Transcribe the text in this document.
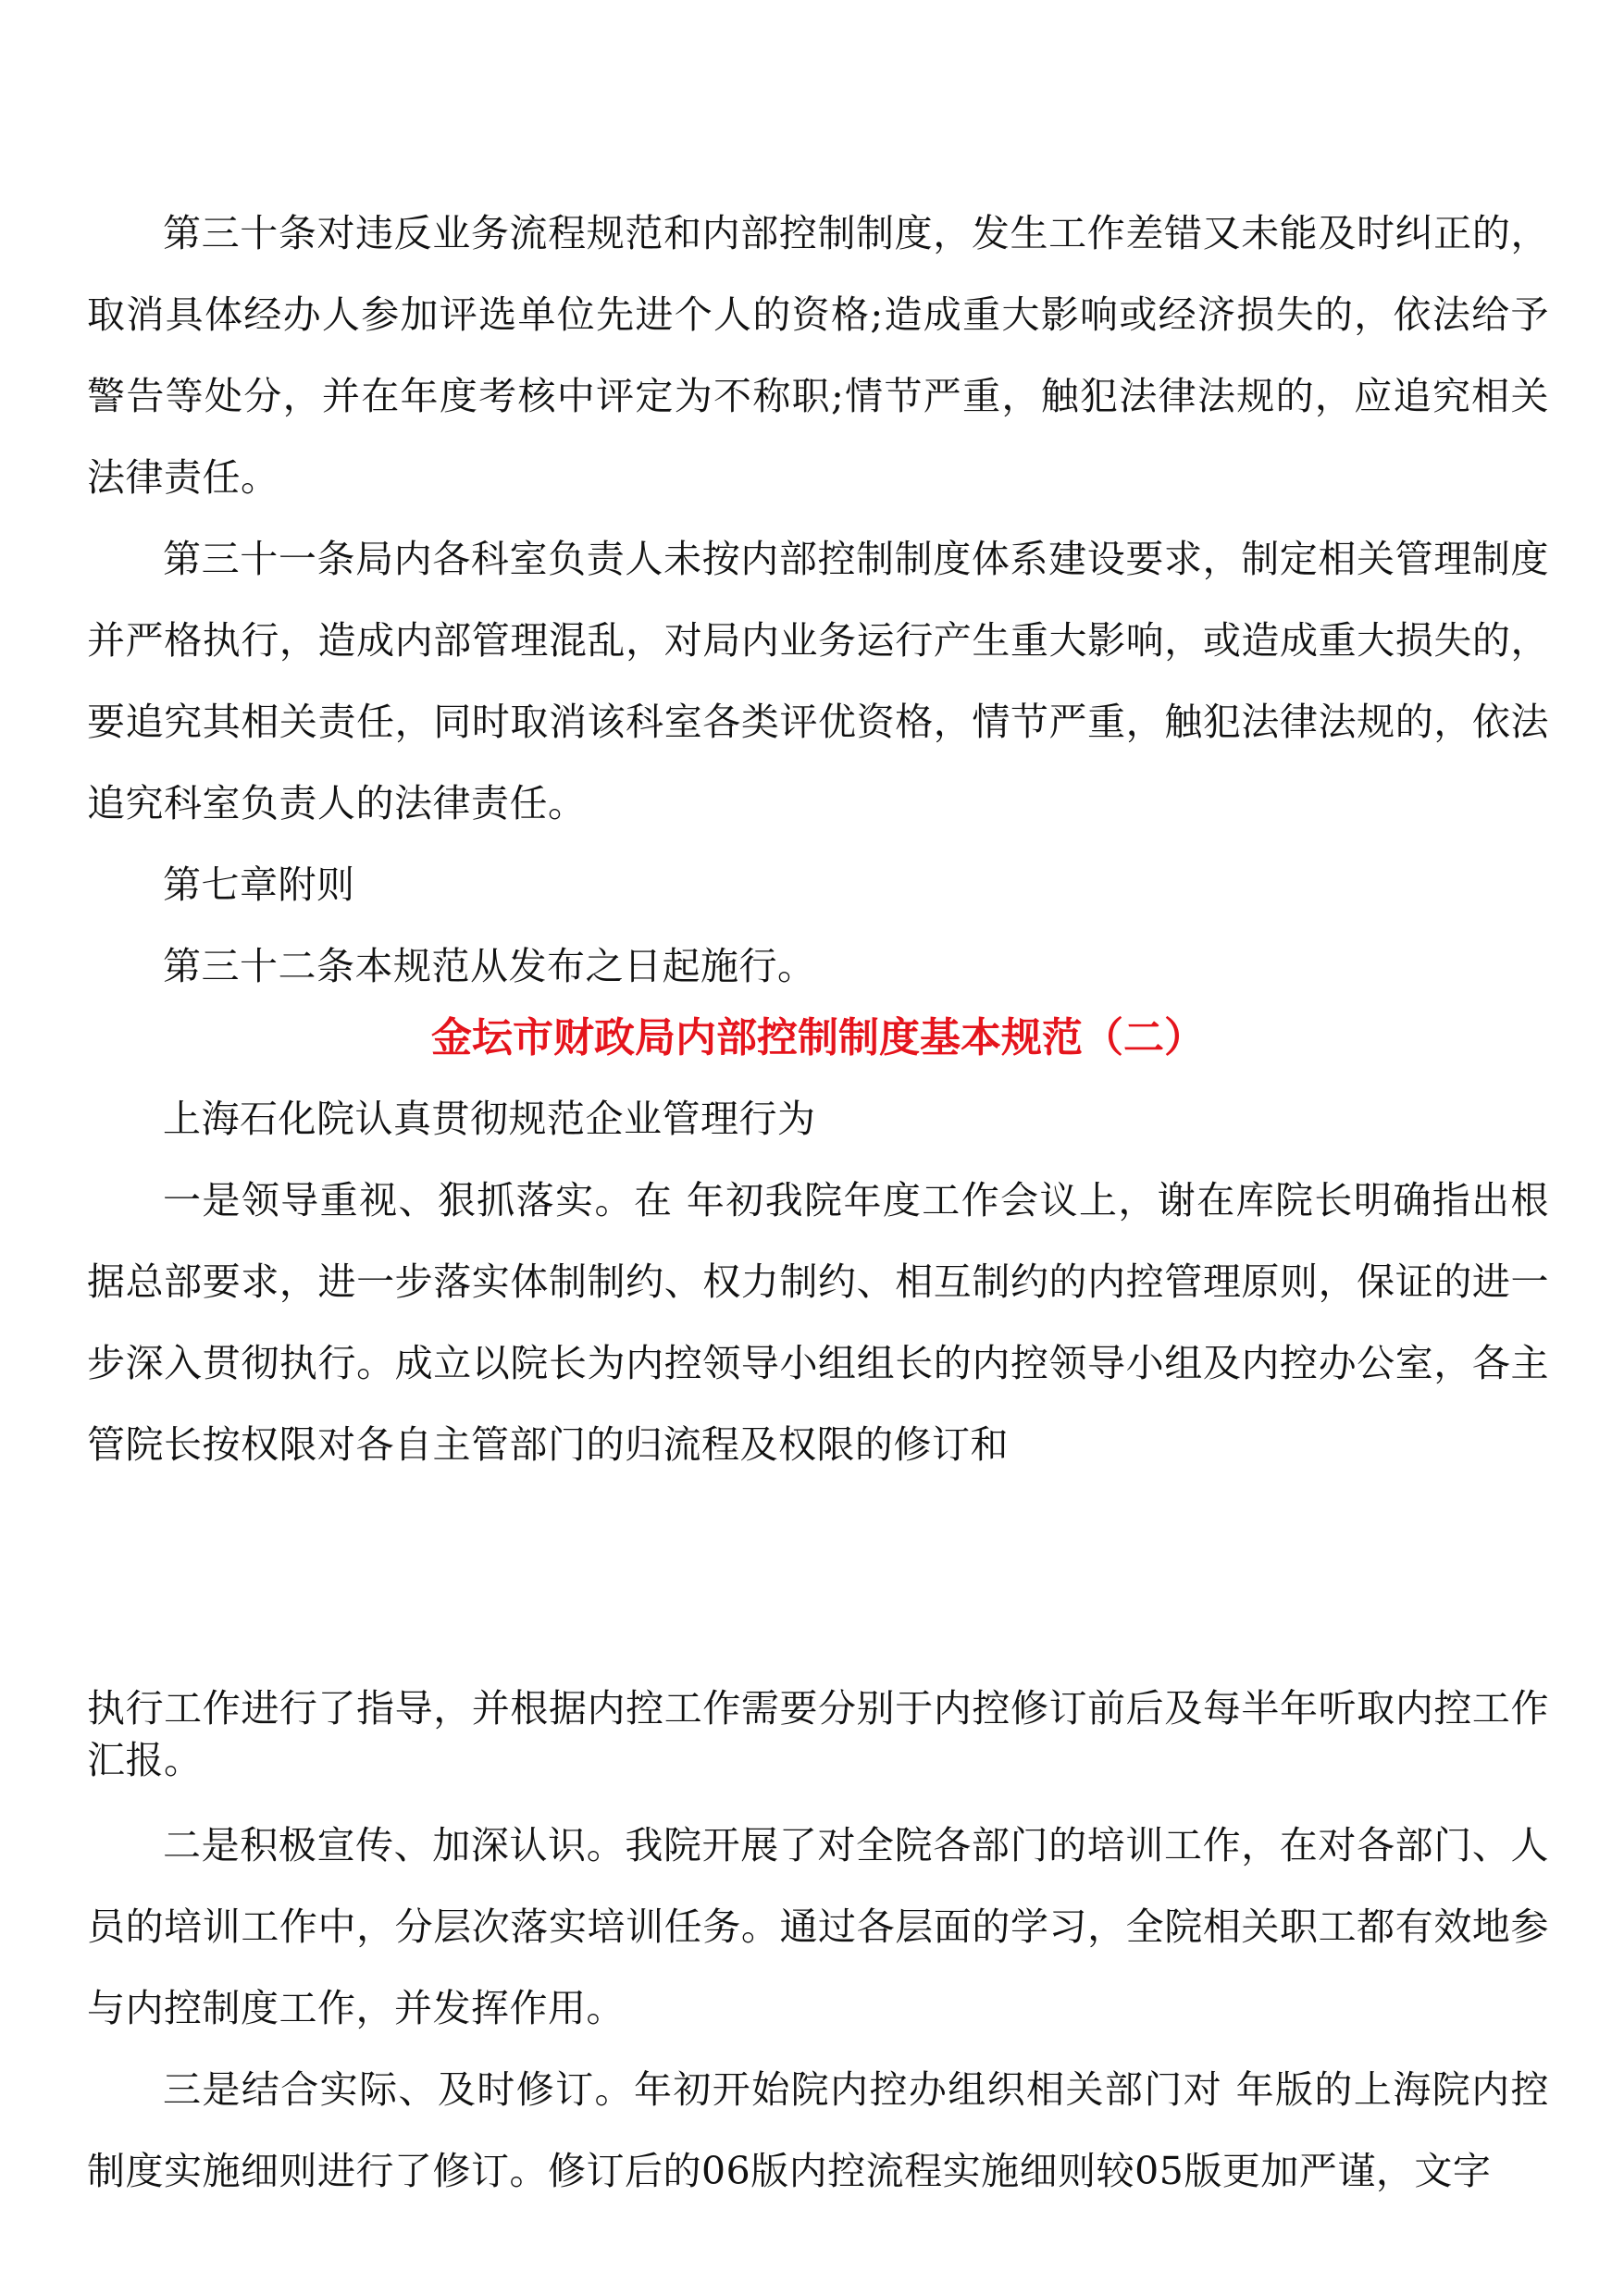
第三十条对违反业务流程规范和内部控制制度，发生工作差错又未能及时纠正的，取消具体经办人参加评选单位先进个人的资格;造成重大影响或经济损失的，依法给予警告等处分，并在年度考核中评定为不称职;情节严重，触犯法律法规的，应追究相关法律责任。

第三十一条局内各科室负责人未按内部控制制度体系建设要求，制定相关管理制度并严格执行，造成内部管理混乱，对局内业务运行产生重大影响，或造成重大损失的，要追究其相关责任，同时取消该科室各类评优资格，情节严重，触犯法律法规的，依法追究科室负责人的法律责任。

第七章附则

第三十二条本规范从发布之日起施行。

金坛市财政局内部控制制度基本规范（二）

上海石化院认真贯彻规范企业管理行为

一是领导重视、狠抓落实。在 年初我院年度工作会议上，谢在库院长明确指出根据总部要求，进一步落实体制制约、权力制约、相互制约的内控管理原则，保证的进一步深入贯彻执行。成立以院长为内控领导小组组长的内控领导小组及内控办公室，各主管院长按权限对各自主管部门的归流程及权限的修订和

执行工作进行了指导，并根据内控工作需要分别于内控修订前后及每半年听取内控工作汇报。

二是积极宣传、加深认识。我院开展了对全院各部门的培训工作，在对各部门、人员的培训工作中，分层次落实培训任务。通过各层面的学习，全院相关职工都有效地参与内控制度工作，并发挥作用。

三是结合实际、及时修订。年初开始院内控办组织相关部门对 年版的上海院内控制度实施细则进行了修订。修订后的06版内控流程实施细则较05版更加严谨，文字
